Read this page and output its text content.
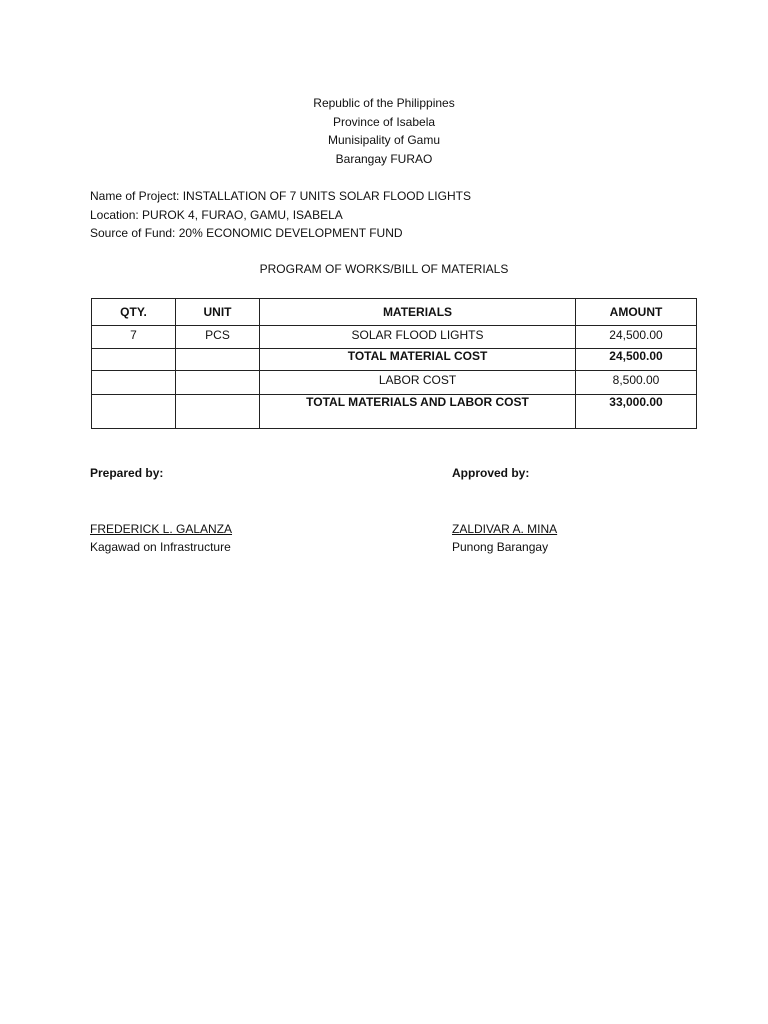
Republic of the Philippines
Province of Isabela
Munisipality of Gamu
Barangay FURAO
Name of Project: INSTALLATION OF 7 UNITS SOLAR FLOOD LIGHTS
Location: PUROK 4, FURAO, GAMU, ISABELA
Source of Fund: 20% ECONOMIC DEVELOPMENT FUND
PROGRAM OF WORKS/BILL OF MATERIALS
QTY.	UNIT	MATERIALS	AMOUNT
7	PCS	SOLAR FLOOD LIGHTS	24,500.00
		TOTAL MATERIAL COST	24,500.00
		LABOR COST	8,500.00
		TOTAL MATERIALS AND LABOR COST	33,000.00
Prepared by:
FREDERICK L. GALANZA
Kagawad on Infrastructure
Approved by:
ZALDIVAR A. MINA
Punong Barangay
